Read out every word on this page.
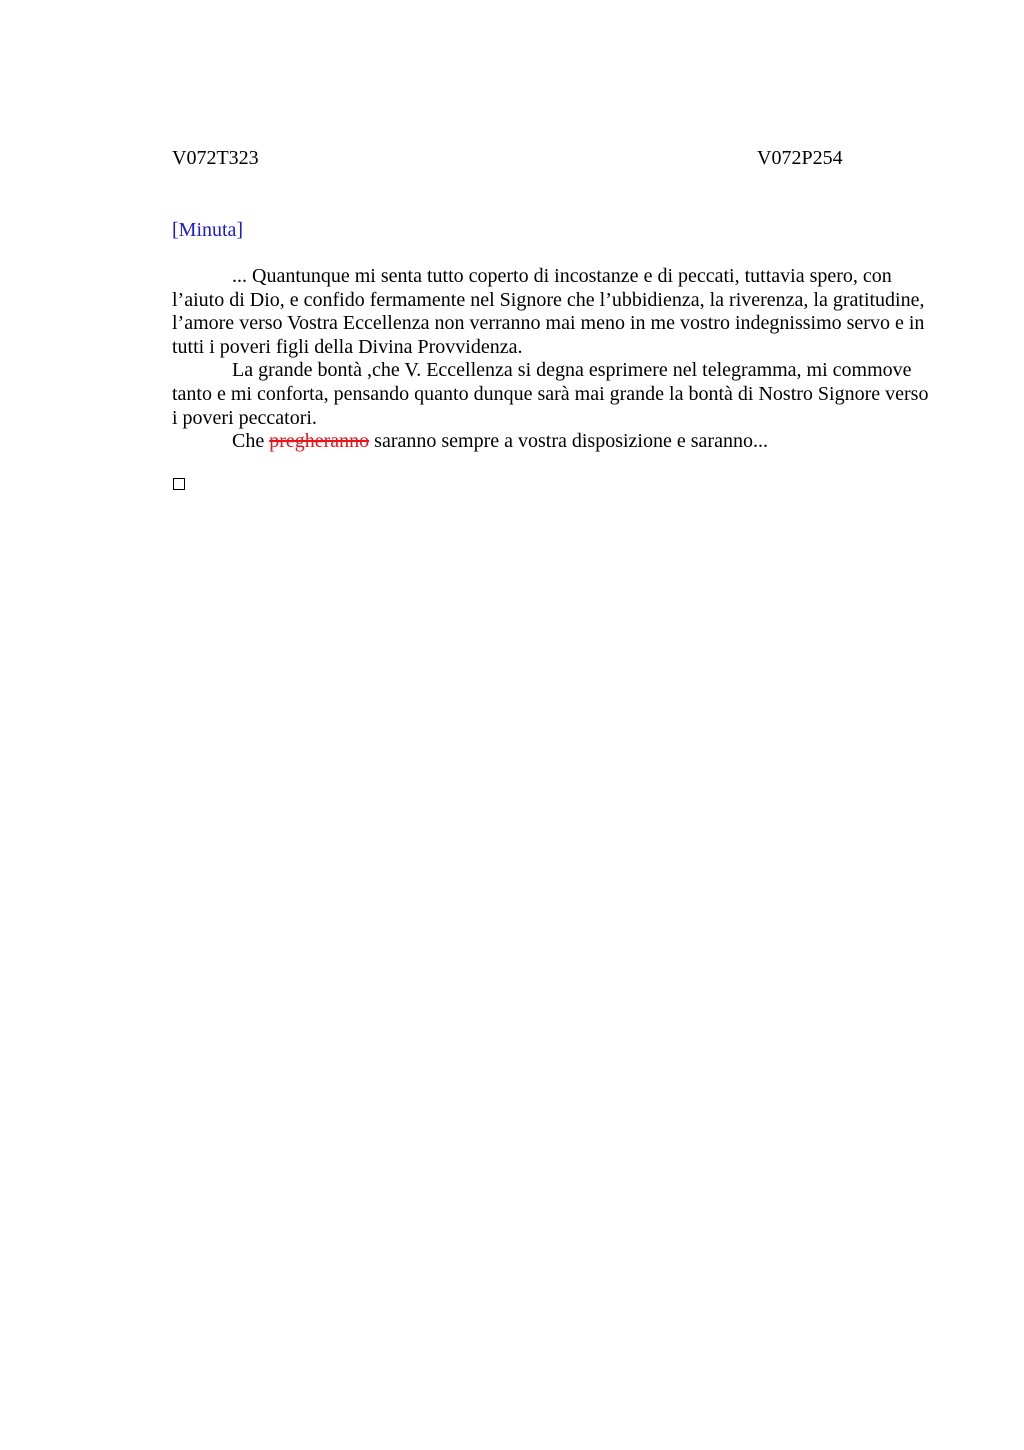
V072T323	V072P254
[Minuta]

... Quantunque mi senta tutto coperto di incostanze e di peccati, tuttavia spero, con l’aiuto di Dio, e confido fermamente nel Signore che l’ubbidienza, la riverenza, la gratitudine, l’amore verso Vostra Eccellenza non verranno mai meno in me vostro indegnissimo servo e in tutti i poveri figli della Divina Provvidenza.

La grande bontà ,che V. Eccellenza si degna esprimere nel telegramma, mi commove tanto e mi conforta, pensando quanto dunque sarà mai grande la bontà di Nostro Signore verso i poveri peccatori.

Che pregheranno saranno sempre a vostra disposizione e saranno...
